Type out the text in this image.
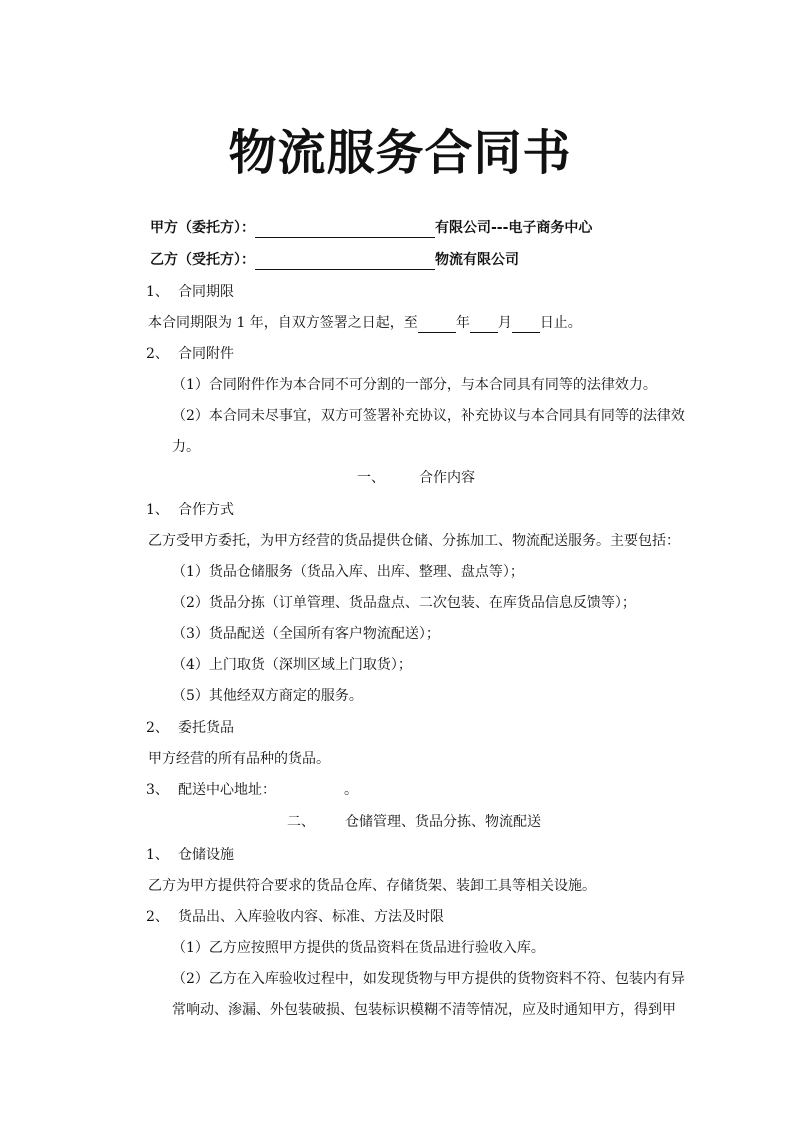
物流服务合同书
甲方（委托方）：	有限公司---电子商务中心
乙方（受托方）：	物流有限公司
1、 合同期限
本合同期限为 1 年，自双方签署之日起，至	年 月 日止。
2、 合同附件
（1）合同附件作为本合同不可分割的一部分，与本合同具有同等的法律效力。
（2）本合同未尽事宜，双方可签署补充协议，补充协议与本合同具有同等的法律效
力。
一、 合作内容
1、 合作方式
乙方受甲方委托，为甲方经营的货品提供仓储、分拣加工、物流配送服务。主要包括：
（1）货品仓储服务（货品入库、出库、整理、盘点等）；
（2）货品分拣（订单管理、货品盘点、二次包装、在库货品信息反馈等）；
（3）货品配送（全国所有客户物流配送）；
（4）上门取货（深圳区域上门取货）；
（5）其他经双方商定的服务。
2、 委托货品
甲方经营的所有品种的货品。
3、 配送中心地址：	。
二、 仓储管理、货品分拣、物流配送
1、 仓储设施
乙方为甲方提供符合要求的货品仓库、存储货架、装卸工具等相关设施。
2、 货品出、入库验收内容、标准、方法及时限
（1）乙方应按照甲方提供的货品资料在货品进行验收入库。
（2）乙方在入库验收过程中，如发现货物与甲方提供的货物资料不符、包装内有异
常响动、渗漏、外包装破损、包装标识模糊不清等情况，应及时通知甲方，得到甲
